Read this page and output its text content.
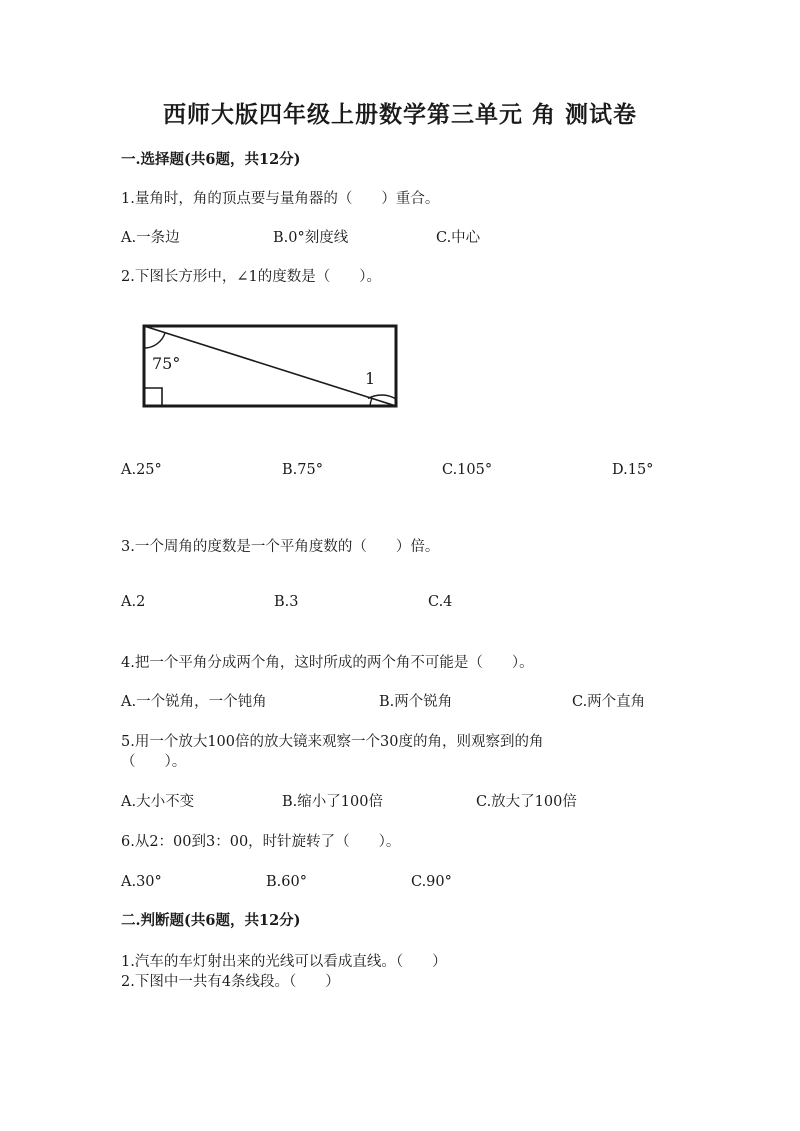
西师大版四年级上册数学第三单元 角 测试卷
一.选择题(共6题，共12分)
1.量角时，角的顶点要与量角器的（　　）重合。
A.一条边	B.0°刻度线	C.中心
2.下图长方形中，∠1的度数是（　　）。
75°
1
A.25°	B.75°	C.105°	D.15°
3.一个周角的度数是一个平角度数的（　　）倍。
A.2	B.3	C.4
4.把一个平角分成两个角，这时所成的两个角不可能是（　　）。
A.一个锐角，一个钝角	B.两个锐角	C.两个直角
5.用一个放大100倍的放大镜来观察一个30度的角，则观察到的角
（　　）。
A.大小不变	B.缩小了100倍	C.放大了100倍
6.从2：00到3：00，时针旋转了（　　）。
A.30°	B.60°	C.90°
二.判断题(共6题，共12分)
1.汽车的车灯射出来的光线可以看成直线。（　　）
2.下图中一共有4条线段。（　　）
